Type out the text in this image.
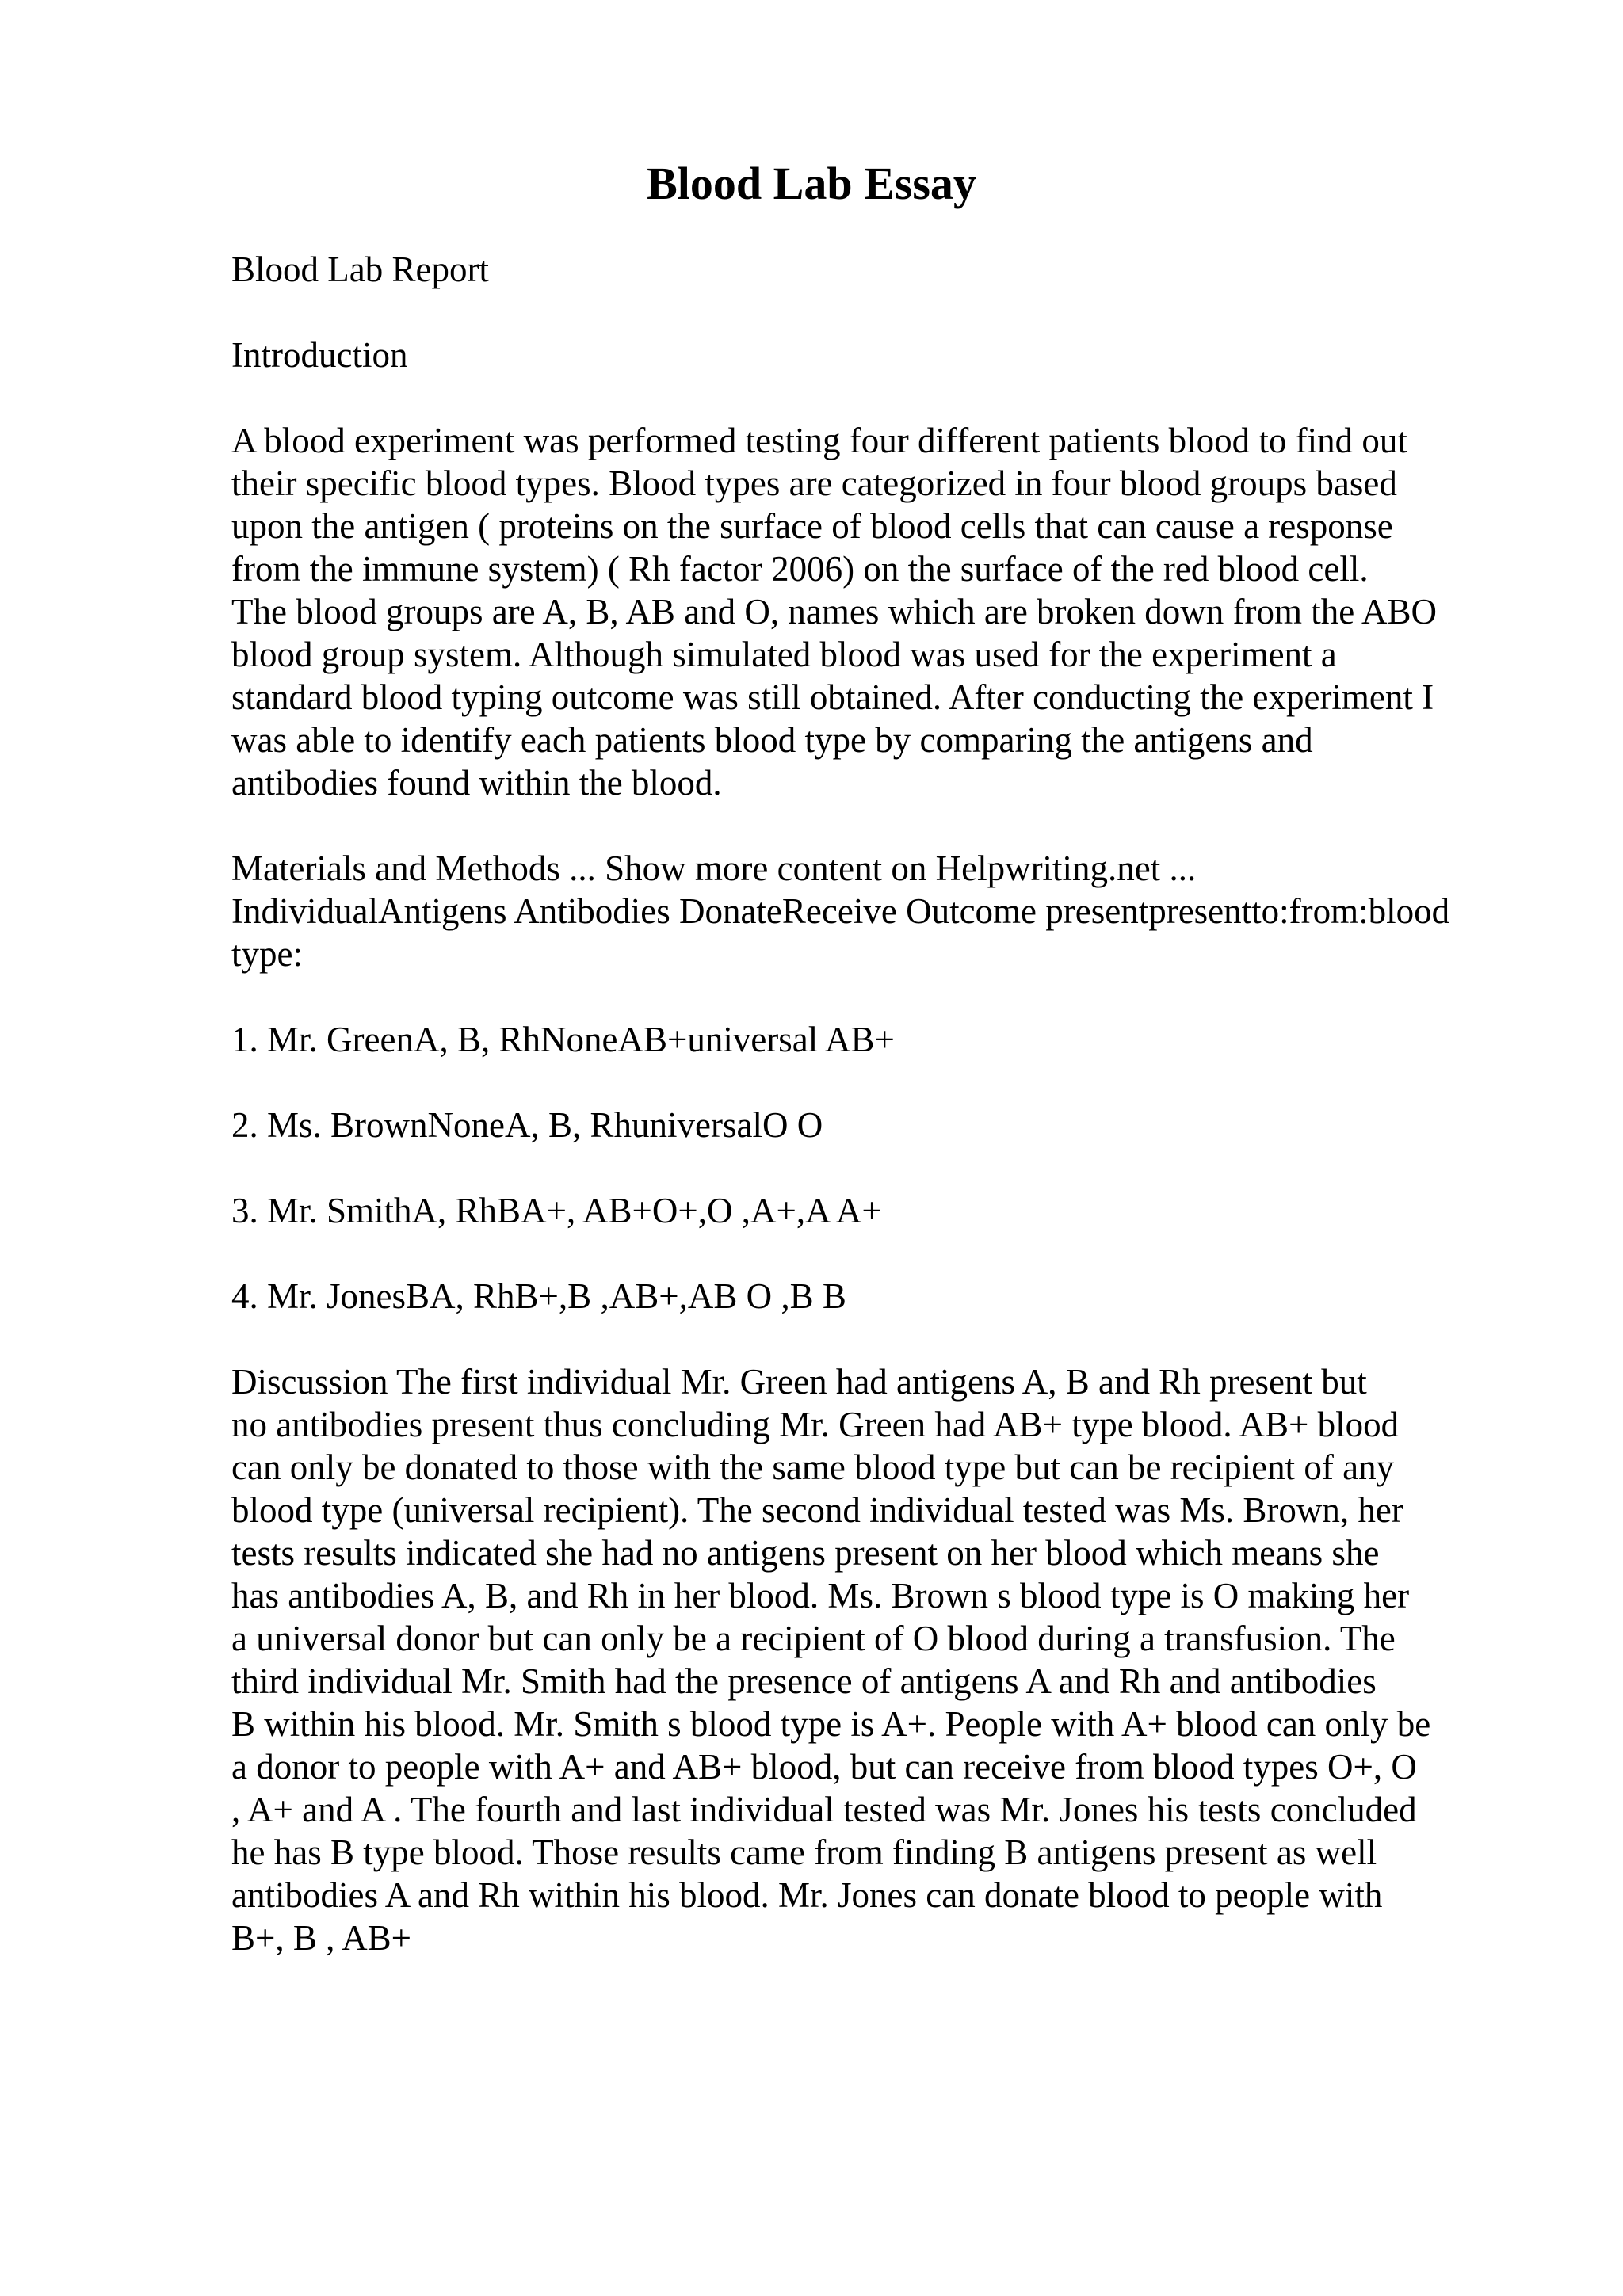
Blood Lab Essay

Blood Lab Report

Introduction

A blood experiment was performed testing four different patients blood to find out

their specific blood types. Blood types are categorized in four blood groups based

upon the antigen ( proteins on the surface of blood cells that can cause a response

from the immune system) ( Rh factor 2006) on the surface of the red blood cell.

The blood groups are A, B, AB and O, names which are broken down from the ABO

blood group system. Although simulated blood was used for the experiment a

standard blood typing outcome was still obtained. After conducting the experiment I

was able to identify each patients blood type by comparing the antigens and

antibodies found within the blood.

Materials and Methods ... Show more content on Helpwriting.net ...

IndividualAntigens Antibodies DonateReceive Outcome presentpresentto:from:blood

type:

1. Mr. GreenA, B, RhNoneAB+universal AB+

2. Ms. BrownNoneA, B, RhuniversalO O

3. Mr. SmithA, RhBA+, AB+O+,O ,A+,A A+

4. Mr. JonesBA, RhB+,B ,AB+,AB O ,B B

Discussion The first individual Mr. Green had antigens A, B and Rh present but

no antibodies present thus concluding Mr. Green had AB+ type blood. AB+ blood

can only be donated to those with the same blood type but can be recipient of any

blood type (universal recipient). The second individual tested was Ms. Brown, her

tests results indicated she had no antigens present on her blood which means she

has antibodies A, B, and Rh in her blood. Ms. Brown s blood type is O making her

a universal donor but can only be a recipient of O blood during a transfusion. The

third individual Mr. Smith had the presence of antigens A and Rh and antibodies

B within his blood. Mr. Smith s blood type is A+. People with A+ blood can only be

a donor to people with A+ and AB+ blood, but can receive from blood types O+, O

, A+ and A . The fourth and last individual tested was Mr. Jones his tests concluded

he has B type blood. Those results came from finding B antigens present as well

antibodies A and Rh within his blood. Mr. Jones can donate blood to people with

B+, B , AB+
